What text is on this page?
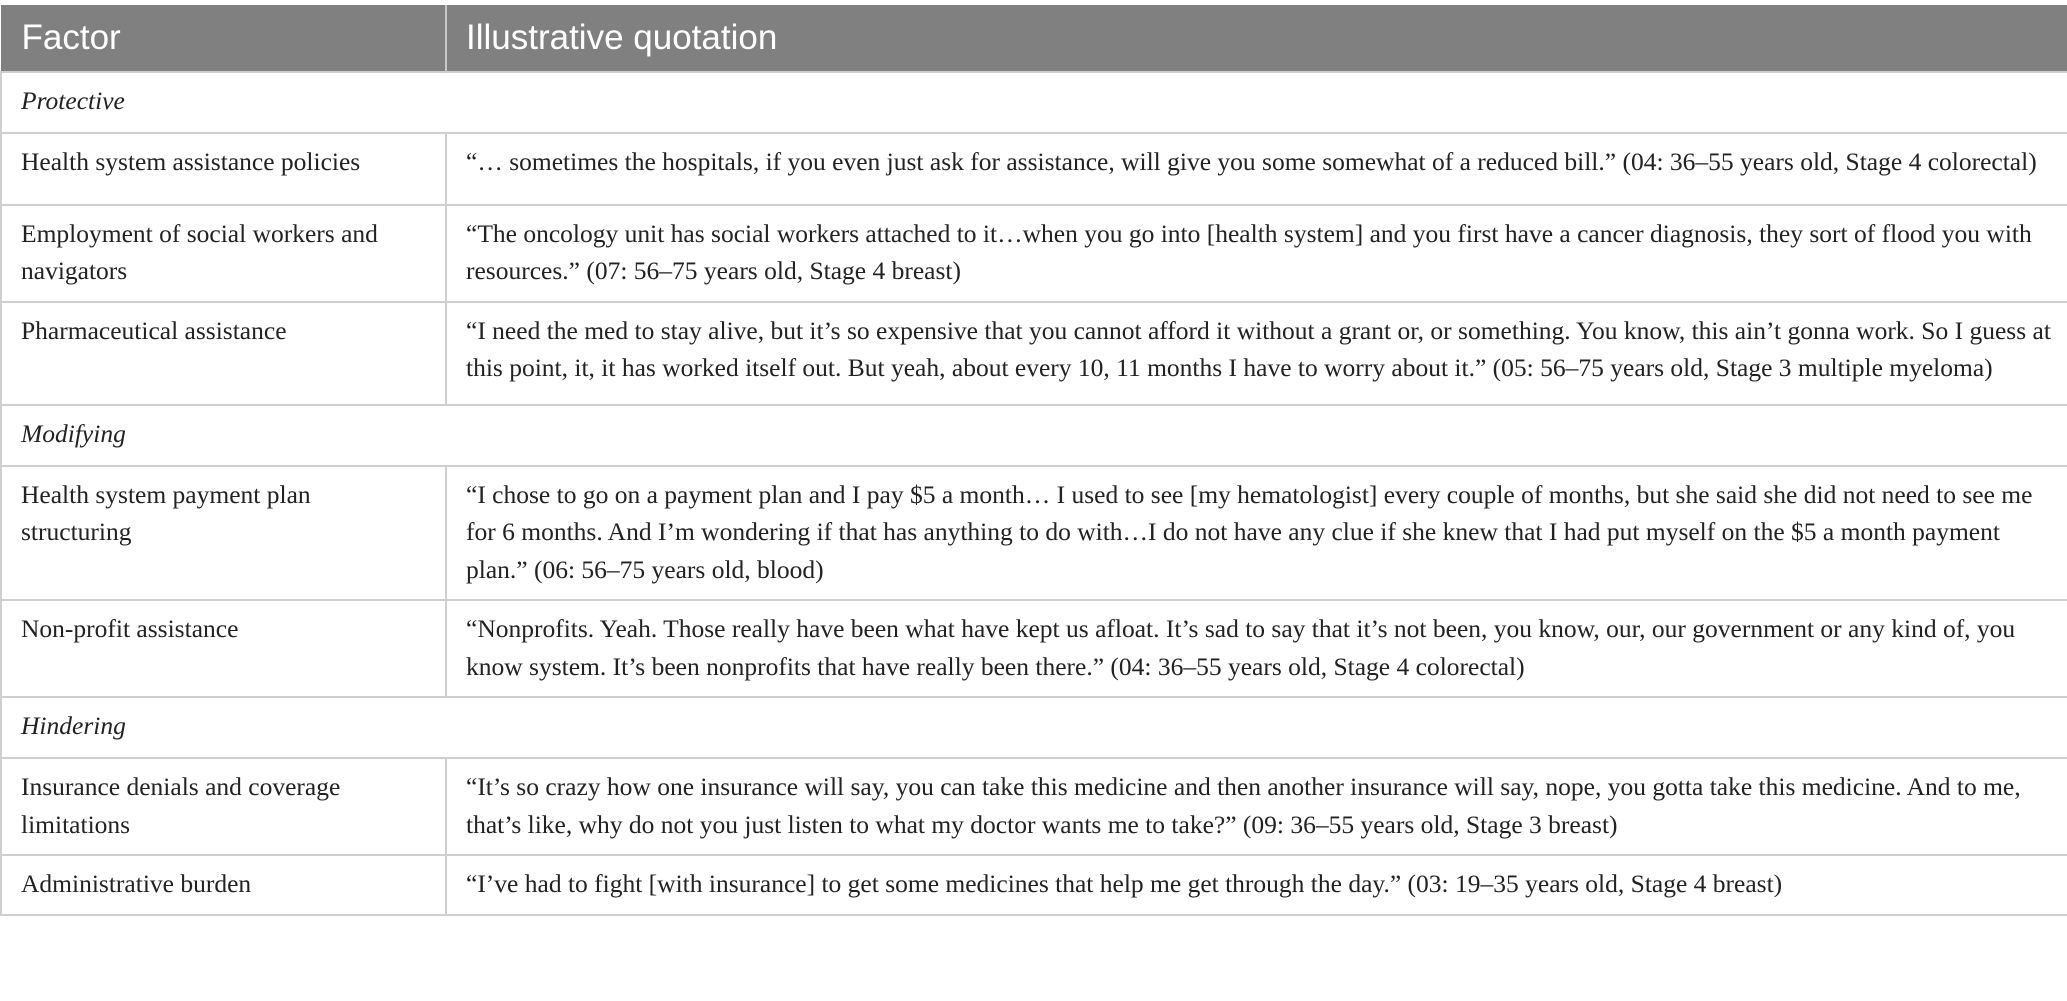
Factor	Illustrative quotation
Protective	
Health system assistance policies	“… sometimes the hospitals, if you even just ask for assistance, will give you some somewhat of a reduced bill.” (04: 36–55 years old, Stage 4 colorectal)
Employment of social workers and navigators	“The oncology unit has social workers attached to it…when you go into [health system] and you first have a cancer diagnosis, they sort of flood you with resources.” (07: 56–75 years old, Stage 4 breast)
Pharmaceutical assistance	“I need the med to stay alive, but it’s so expensive that you cannot afford it without a grant or, or something. You know, this ain’t gonna work. So I guess at this point, it, it has worked itself out. But yeah, about every 10, 11 months I have to worry about it.” (05: 56–75 years old, Stage 3 multiple myeloma)
Modifying	
Health system payment plan structuring	“I chose to go on a payment plan and I pay $5 a month… I used to see [my hematologist] every couple of months, but she said she did not need to see me for 6 months. And I’m wondering if that has anything to do with…I do not have any clue if she knew that I had put myself on the $5 a month payment plan.” (06: 56–75 years old, blood)
Non-profit assistance	“Nonprofits. Yeah. Those really have been what have kept us afloat. It’s sad to say that it’s not been, you know, our, our government or any kind of, you know system. It’s been nonprofits that have really been there.” (04: 36–55 years old, Stage 4 colorectal)
Hindering	
Insurance denials and coverage limitations	“It’s so crazy how one insurance will say, you can take this medicine and then another insurance will say, nope, you gotta take this medicine. And to me, that’s like, why do not you just listen to what my doctor wants me to take?” (09: 36–55 years old, Stage 3 breast)
Administrative burden	“I’ve had to fight [with insurance] to get some medicines that help me get through the day.” (03: 19–35 years old, Stage 4 breast)
